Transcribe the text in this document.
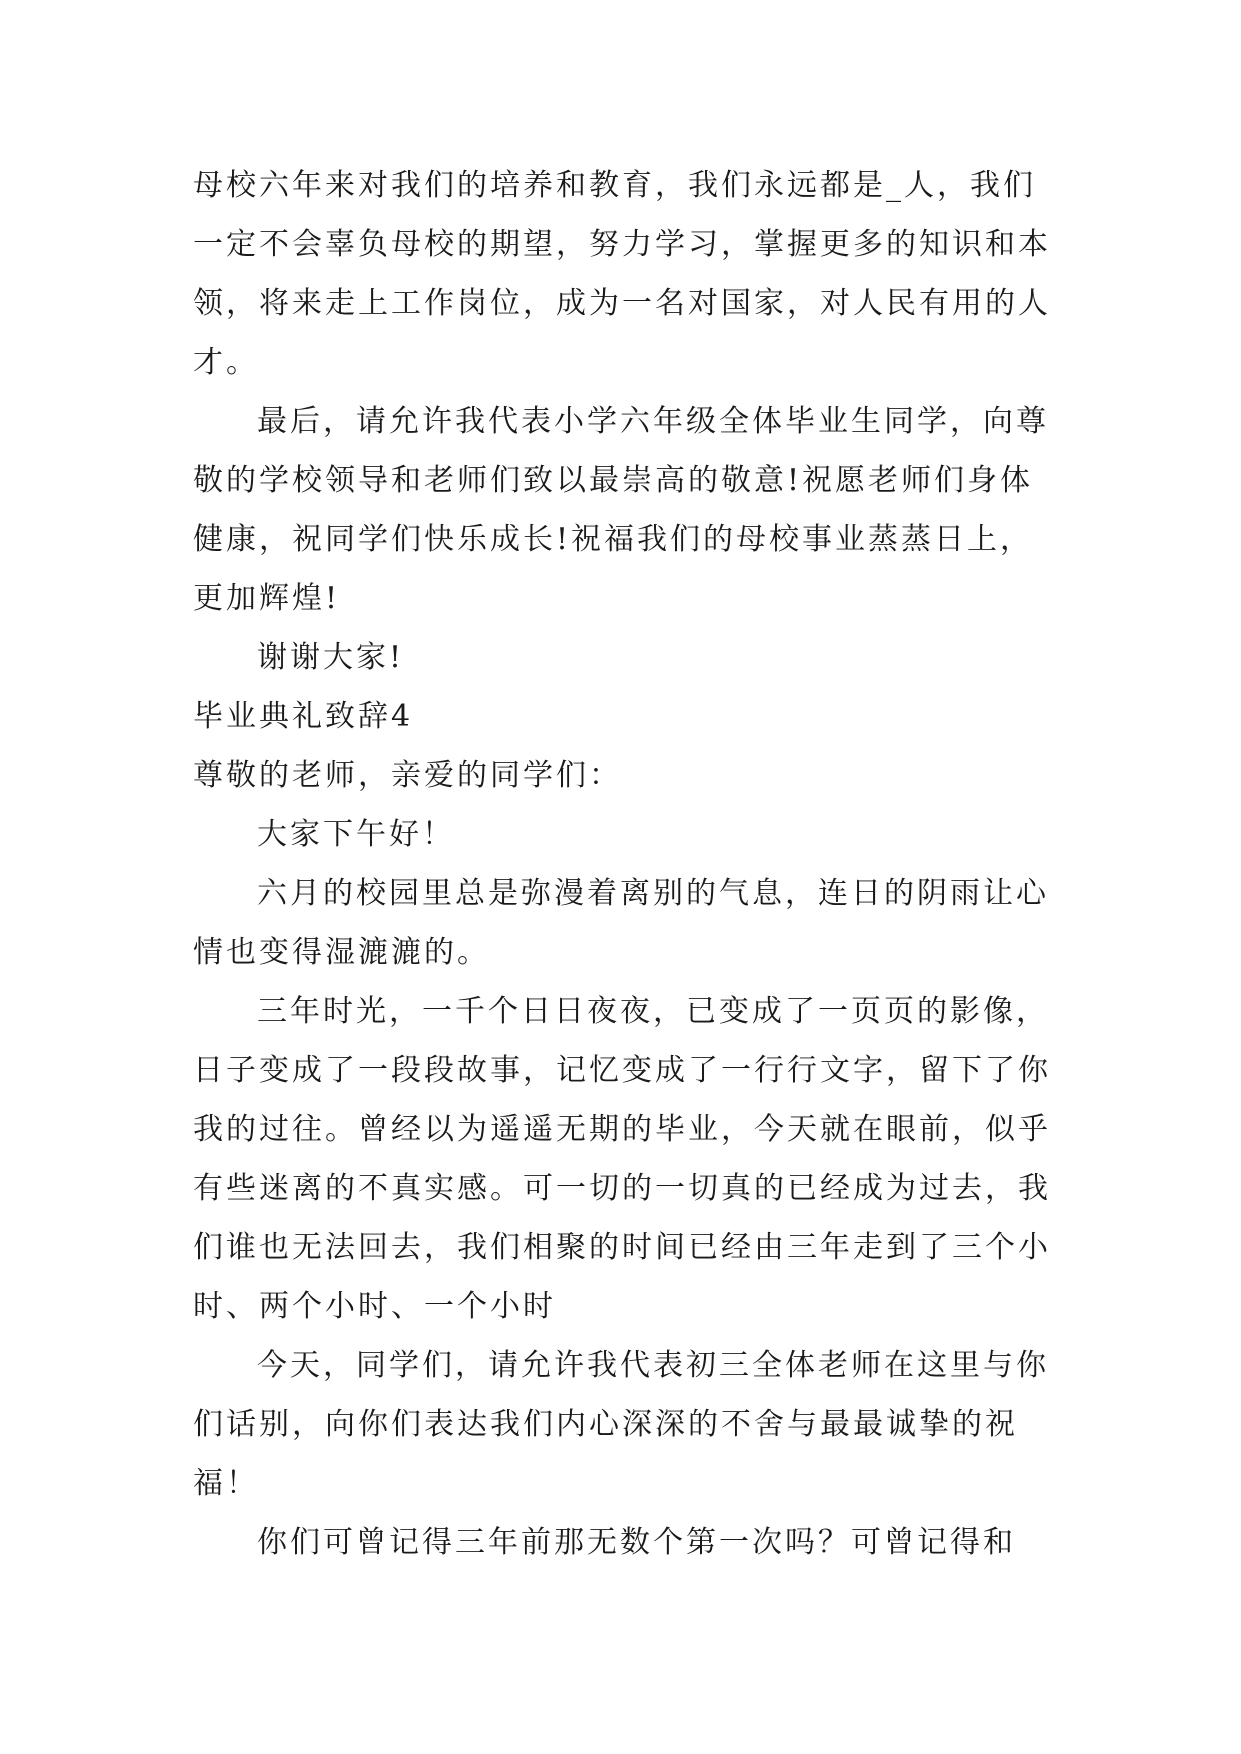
母校六年来对我们的培养和教育，我们永远都是_人，我们
一定不会辜负母校的期望，努力学习，掌握更多的知识和本
领，将来走上工作岗位，成为一名对国家，对人民有用的人
才。
最后，请允许我代表小学六年级全体毕业生同学，向尊
敬的学校领导和老师们致以最崇高的敬意!祝愿老师们身体
健康，祝同学们快乐成长!祝福我们的母校事业蒸蒸日上，
更加辉煌!
谢谢大家!
毕业典礼致辞4
尊敬的老师，亲爱的同学们：
大家下午好！
六月的校园里总是弥漫着离别的气息，连日的阴雨让心
情也变得湿漉漉的。
三年时光，一千个日日夜夜，已变成了一页页的影像，
日子变成了一段段故事，记忆变成了一行行文字，留下了你
我的过往。曾经以为遥遥无期的毕业，今天就在眼前，似乎
有些迷离的不真实感。可一切的一切真的已经成为过去，我
们谁也无法回去，我们相聚的时间已经由三年走到了三个小
时、两个小时、一个小时
今天，同学们，请允许我代表初三全体老师在这里与你
们话别，向你们表达我们内心深深的不舍与最最诚挚的祝
福！
你们可曾记得三年前那无数个第一次吗？可曾记得和
